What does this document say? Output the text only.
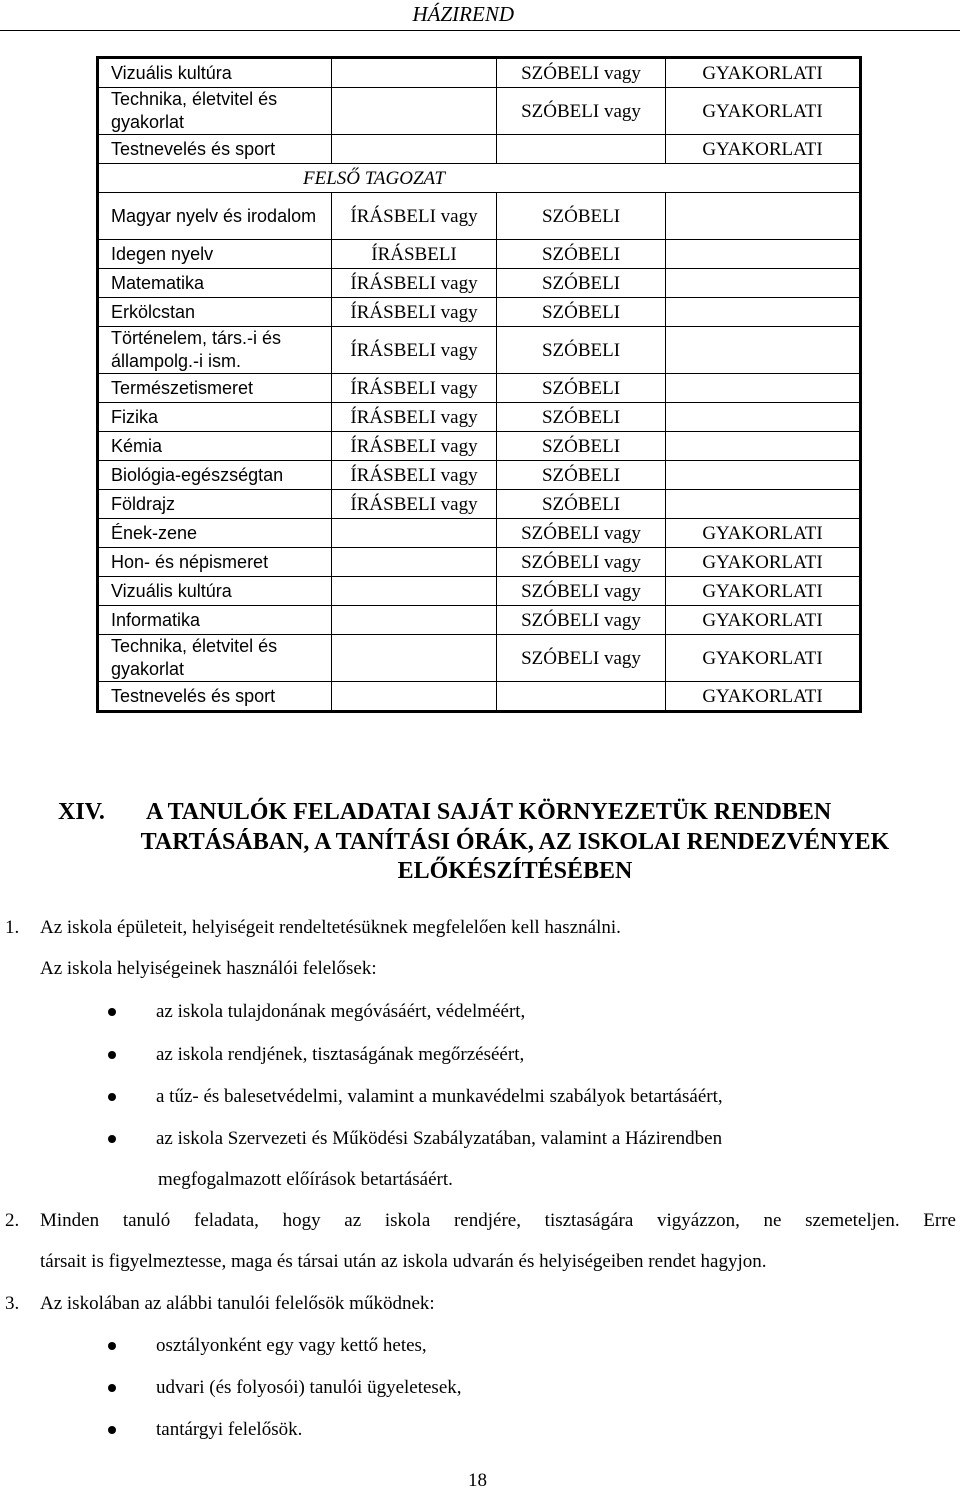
HÁZIREND
Vizuális kultúra		SZÓBELI vagy	GYAKORLATI
Technika, életvitel és gyakorlat		SZÓBELI vagy	GYAKORLATI
Testnevelés és sport			GYAKORLATI
FELSŐ TAGOZAT			
Magyar nyelv és irodalom	ÍRÁSBELI vagy	SZÓBELI	
Idegen nyelv	ÍRÁSBELI	SZÓBELI	
Matematika	ÍRÁSBELI vagy	SZÓBELI	
Erkölcstan	ÍRÁSBELI vagy	SZÓBELI	
Történelem, társ.-i és állampolg.-i ism.	ÍRÁSBELI vagy	SZÓBELI	
Természetismeret	ÍRÁSBELI vagy	SZÓBELI	
Fizika	ÍRÁSBELI vagy	SZÓBELI	
Kémia	ÍRÁSBELI vagy	SZÓBELI	
Biológia-egészségtan	ÍRÁSBELI vagy	SZÓBELI	
Földrajz	ÍRÁSBELI vagy	SZÓBELI	
Ének-zene		SZÓBELI vagy	GYAKORLATI
Hon- és népismeret		SZÓBELI vagy	GYAKORLATI
Vizuális kultúra		SZÓBELI vagy	GYAKORLATI
Informatika		SZÓBELI vagy	GYAKORLATI
Technika, életvitel és gyakorlat		SZÓBELI vagy	GYAKORLATI
Testnevelés és sport			GYAKORLATI
XIV. A TANULÓK FELADATAI SAJÁT KÖRNYEZETÜK RENDBEN
TARTÁSÁBAN, A TANÍTÁSI ÓRÁK, AZ ISKOLAI RENDEZVÉNYEK
ELŐKÉSZÍTÉSÉBEN
1. Az iskola épületeit, helyiségeit rendeltetésüknek megfelelően kell használni.
Az iskola helyiségeinek használói felelősek:
az iskola tulajdonának megóvásáért, védelméért,
az iskola rendjének, tisztaságának megőrzéséért,
a tűz- és balesetvédelmi, valamint a munkavédelmi szabályok betartásáért,
az iskola Szervezeti és Működési Szabályzatában, valamint a Házirendben
megfogalmazott előírások betartásáért.
2. Minden tanuló feladata, hogy az iskola rendjére, tisztaságára vigyázzon, ne szemeteljen. Erre
társait is figyelmeztesse, maga és társai után az iskola udvarán és helyiségeiben rendet hagyjon.
3. Az iskolában az alábbi tanulói felelősök működnek:
osztályonként egy vagy kettő hetes,
udvari (és folyosói) tanulói ügyeletesek,
tantárgyi felelősök.
18
